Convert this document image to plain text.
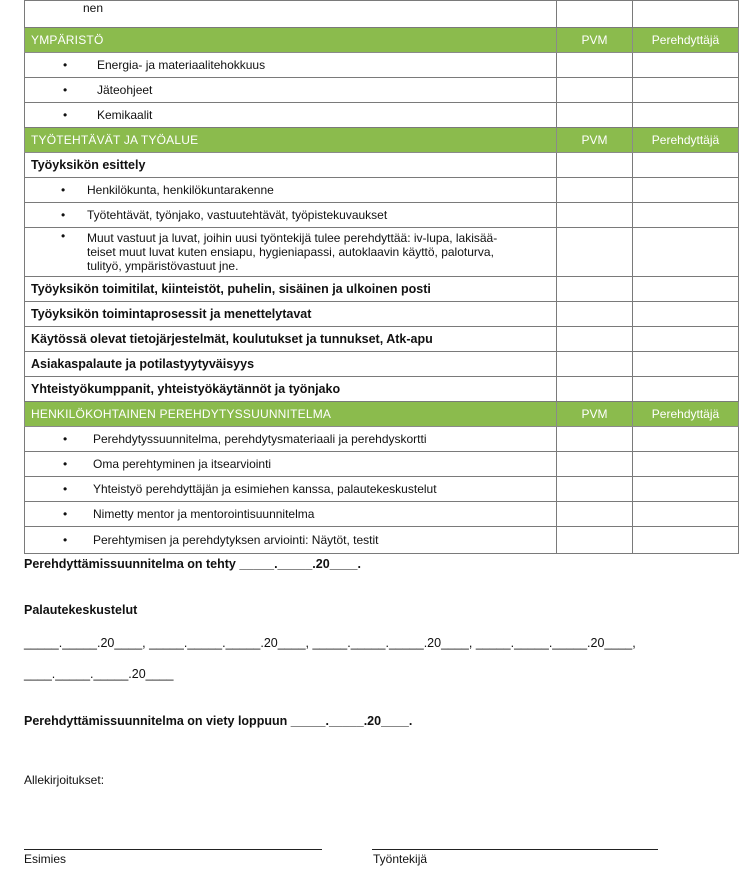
nen		
YMPÄRISTÖ	PVM	Perehdyttäjä

• Energia- ja materiaalitehokkuus		

• Jäteohjeet		

• Kemikaalit		

TYÖTEHTÄVÄT JA TYÖALUE	PVM	Perehdyttäjä
Työyksikön esittely		

• Henkilökunta, henkilökuntarakenne		

• Työtehtävät, työnjako, vastuutehtävät, työpistekuvaukset		

• Muut vastuut ja luvat, joihin uusi työntekijä tulee perehdyttää: iv-lupa, lakisää-
teiset muut luvat kuten ensiapu, hygieniapassi, autoklaavin käyttö, paloturva,
tulityö, ympäristövastuut jne.		

Työyksikön toimitilat, kiinteistöt, puhelin, sisäinen ja ulkoinen posti		
Työyksikön toimintaprosessit ja menettelytavat		
Käytössä olevat tietojärjestelmät, koulutukset ja tunnukset, Atk-apu		
Asiakaspalaute ja potilastyytyväisyys		
Yhteistyökumppanit, yhteistyökäytännöt ja työnjako		
HENKILÖKOHTAINEN PEREHDYTYSSUUNNITELMA	PVM	Perehdyttäjä

• Perehdytyssuunnitelma, perehdytysmateriaali ja perehdyskortti		

• Oma perehtyminen ja itsearviointi		

• Yhteistyö perehdyttäjän ja esimiehen kanssa, palautekeskustelut		

• Nimetty mentor ja mentorointisuunnitelma		

• Perehtymisen ja perehdytyksen arviointi: Näytöt, testit		

Perehdyttämissuunnitelma on tehty _____._____.20____.
Palautekeskustelut
_____._____.20____, _____._____._____.20____, _____._____._____.20____, _____._____._____.20____,
____._____._____.20____
Perehdyttämissuunnitelma on viety loppuun _____._____.20____.
Allekirjoitukset:
Esimies	Työntekijä
